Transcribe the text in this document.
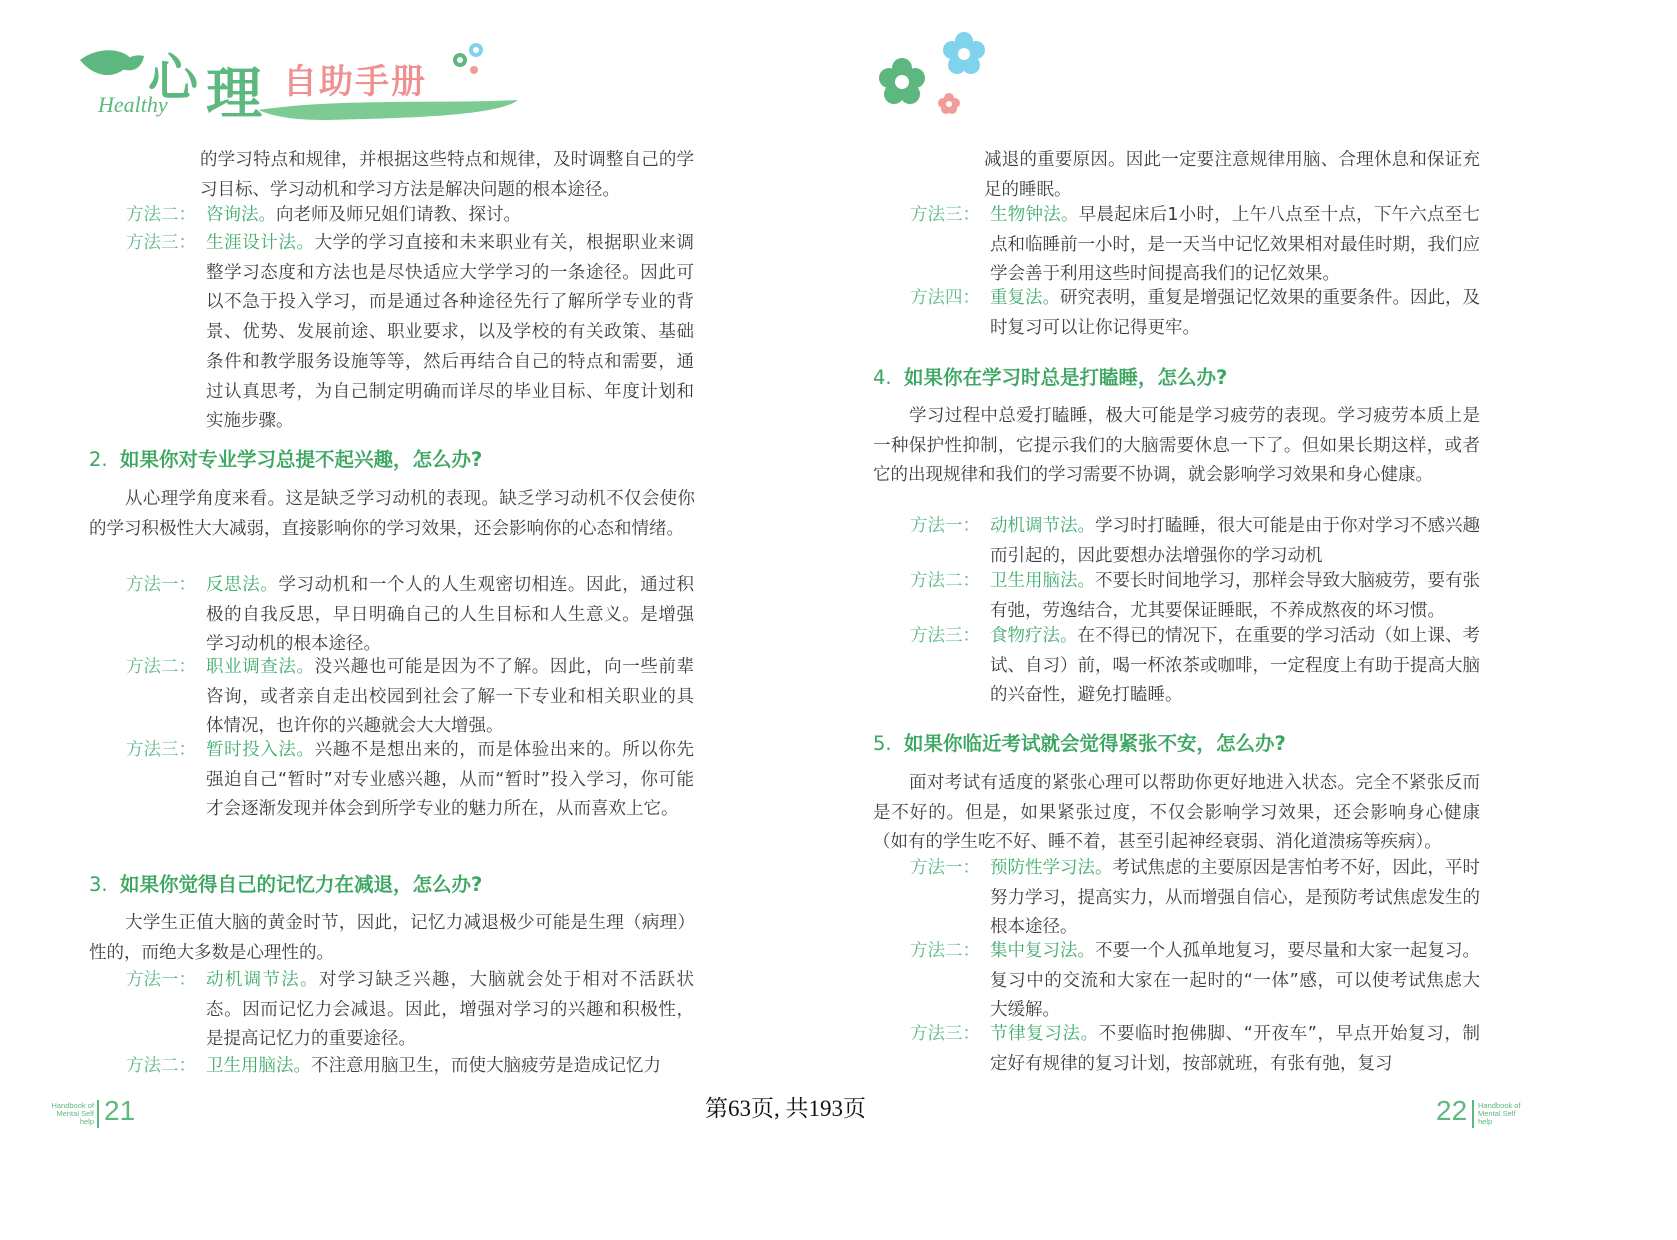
心 理 自助手册
Healthy
的学习特点和规律，并根据这些特点和规律，及时调整自己的学习目标、学习动机和学习方法是解决问题的根本途径。
方法二： 咨询法。向老师及师兄姐们请教、探讨。
方法三： 生涯设计法。大学的学习直接和未来职业有关，根据职业来调整学习态度和方法也是尽快适应大学学习的一条途径。因此可以不急于投入学习，而是通过各种途径先行了解所学专业的背景、优势、发展前途、职业要求，以及学校的有关政策、基础条件和教学服务设施等等，然后再结合自己的特点和需要，通过认真思考，为自己制定明确而详尽的毕业目标、年度计划和实施步骤。
2. 如果你对专业学习总提不起兴趣，怎么办?
从心理学角度来看。这是缺乏学习动机的表现。缺乏学习动机不仅会使你的学习积极性大大减弱，直接影响你的学习效果，还会影响你的心态和情绪。
方法一： 反思法。学习动机和一个人的人生观密切相连。因此，通过积极的自我反思，早日明确自己的人生目标和人生意义。是增强学习动机的根本途径。
方法二： 职业调查法。没兴趣也可能是因为不了解。因此，向一些前辈咨询，或者亲自走出校园到社会了解一下专业和相关职业的具体情况，也许你的兴趣就会大大增强。
方法三： 暂时投入法。兴趣不是想出来的，而是体验出来的。所以你先强迫自己“暂时”对专业感兴趣，从而“暂时”投入学习，你可能才会逐渐发现并体会到所学专业的魅力所在，从而喜欢上它。
3. 如果你觉得自己的记忆力在减退，怎么办?
大学生正值大脑的黄金时节，因此，记忆力减退极少可能是生理（病理）性的，而绝大多数是心理性的。
方法一： 动机调节法。对学习缺乏兴趣，大脑就会处于相对不活跃状态。因而记忆力会减退。因此，增强对学习的兴趣和积极性，是提高记忆力的重要途径。
方法二： 卫生用脑法。不注意用脑卫生，而使大脑疲劳是造成记忆力
Handbook of
Mental Self
help 21
减退的重要原因。因此一定要注意规律用脑、合理休息和保证充足的睡眠。
方法三： 生物钟法。早晨起床后1小时，上午八点至十点，下午六点至七点和临睡前一小时，是一天当中记忆效果相对最佳时期，我们应学会善于利用这些时间提高我们的记忆效果。
方法四： 重复法。研究表明，重复是增强记忆效果的重要条件。因此，及时复习可以让你记得更牢。
4. 如果你在学习时总是打瞌睡，怎么办?
学习过程中总爱打瞌睡，极大可能是学习疲劳的表现。学习疲劳本质上是一种保护性抑制，它提示我们的大脑需要休息一下了。但如果长期这样，或者它的出现规律和我们的学习需要不协调，就会影响学习效果和身心健康。
方法一： 动机调节法。学习时打瞌睡，很大可能是由于你对学习不感兴趣而引起的，因此要想办法增强你的学习动机
方法二： 卫生用脑法。不要长时间地学习，那样会导致大脑疲劳，要有张有弛，劳逸结合，尤其要保证睡眠，不养成熬夜的坏习惯。
方法三： 食物疗法。在不得已的情况下，在重要的学习活动（如上课、考试、自习）前，喝一杯浓茶或咖啡，一定程度上有助于提高大脑的兴奋性，避免打瞌睡。
5. 如果你临近考试就会觉得紧张不安，怎么办?
面对考试有适度的紧张心理可以帮助你更好地进入状态。完全不紧张反而是不好的。但是，如果紧张过度，不仅会影响学习效果，还会影响身心健康（如有的学生吃不好、睡不着，甚至引起神经衰弱、消化道溃疡等疾病）。
方法一： 预防性学习法。考试焦虑的主要原因是害怕考不好，因此，平时努力学习，提高实力，从而增强自信心，是预防考试焦虑发生的根本途径。
方法二： 集中复习法。不要一个人孤单地复习，要尽量和大家一起复习。复习中的交流和大家在一起时的“一体”感，可以使考试焦虑大大缓解。
方法三： 节律复习法。不要临时抱佛脚、“开夜车”，早点开始复习，制定好有规律的复习计划，按部就班，有张有弛，复习
22 Handbook of
Mental Self
help
第63页, 共193页
